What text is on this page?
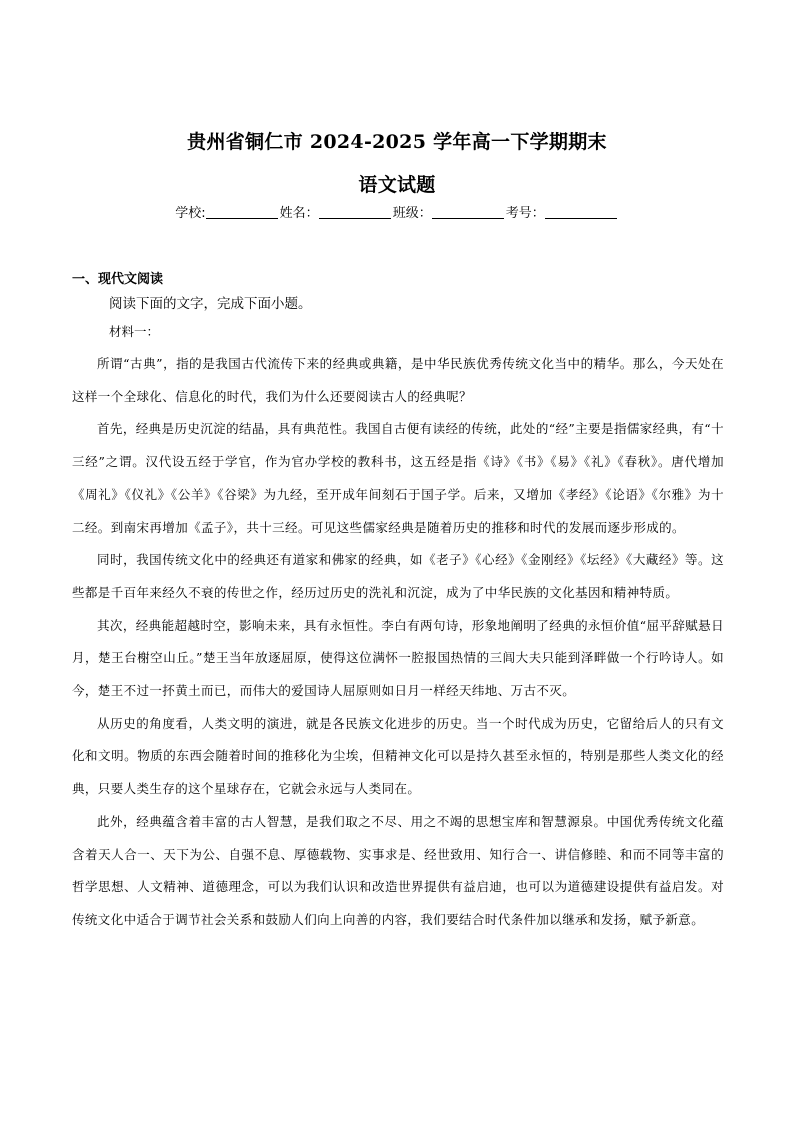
贵州省铜仁市 2024-2025 学年高一下学期期末
语文试题
学校:	姓名：	班级：	考号：
一、现代文阅读
阅读下面的文字，完成下面小题。
材料一：

所谓“古典”，指的是我国古代流传下来的经典或典籍，是中华民族优秀传统文化当中的精华。那么，今天处在这样一个全球化、信息化的时代，我们为什么还要阅读古人的经典呢？

首先，经典是历史沉淀的结晶，具有典范性。我国自古便有读经的传统，此处的“经”主要是指儒家经典，有“十三经”之谓。汉代设五经于学官，作为官办学校的教科书，这五经是指《诗》《书》《易》《礼》《春秋》。唐代增加《周礼》《仪礼》《公羊》《谷梁》为九经，至开成年间刻石于国子学。后来，又增加《孝经》《论语》《尔雅》为十二经。到南宋再增加《孟子》，共十三经。可见这些儒家经典是随着历史的推移和时代的发展而逐步形成的。

同时，我国传统文化中的经典还有道家和佛家的经典，如《老子》《心经》《金刚经》《坛经》《大藏经》等。这些都是千百年来经久不衰的传世之作，经历过历史的洗礼和沉淀，成为了中华民族的文化基因和精神特质。

其次，经典能超越时空，影响未来，具有永恒性。李白有两句诗，形象地阐明了经典的永恒价值“屈平辞赋悬日月，楚王台榭空山丘。”楚王当年放逐屈原，使得这位满怀一腔报国热情的三闾大夫只能到泽畔做一个行吟诗人。如今，楚王不过一抔黄土而已，而伟大的爱国诗人屈原则如日月一样经天纬地、万古不灭。

从历史的角度看，人类文明的演进，就是各民族文化进步的历史。当一个时代成为历史，它留给后人的只有文化和文明。物质的东西会随着时间的推移化为尘埃，但精神文化可以是持久甚至永恒的，特别是那些人类文化的经典，只要人类生存的这个星球存在，它就会永远与人类同在。

此外，经典蕴含着丰富的古人智慧，是我们取之不尽、用之不竭的思想宝库和智慧源泉。中国优秀传统文化蕴含着天人合一、天下为公、自强不息、厚德载物、实事求是、经世致用、知行合一、讲信修睦、和而不同等丰富的哲学思想、人文精神、道德理念，可以为我们认识和改造世界提供有益启迪，也可以为道德建设提供有益启发。对传统文化中适合于调节社会关系和鼓励人们向上向善的内容，我们要结合时代条件加以继承和发扬，赋予新意。
